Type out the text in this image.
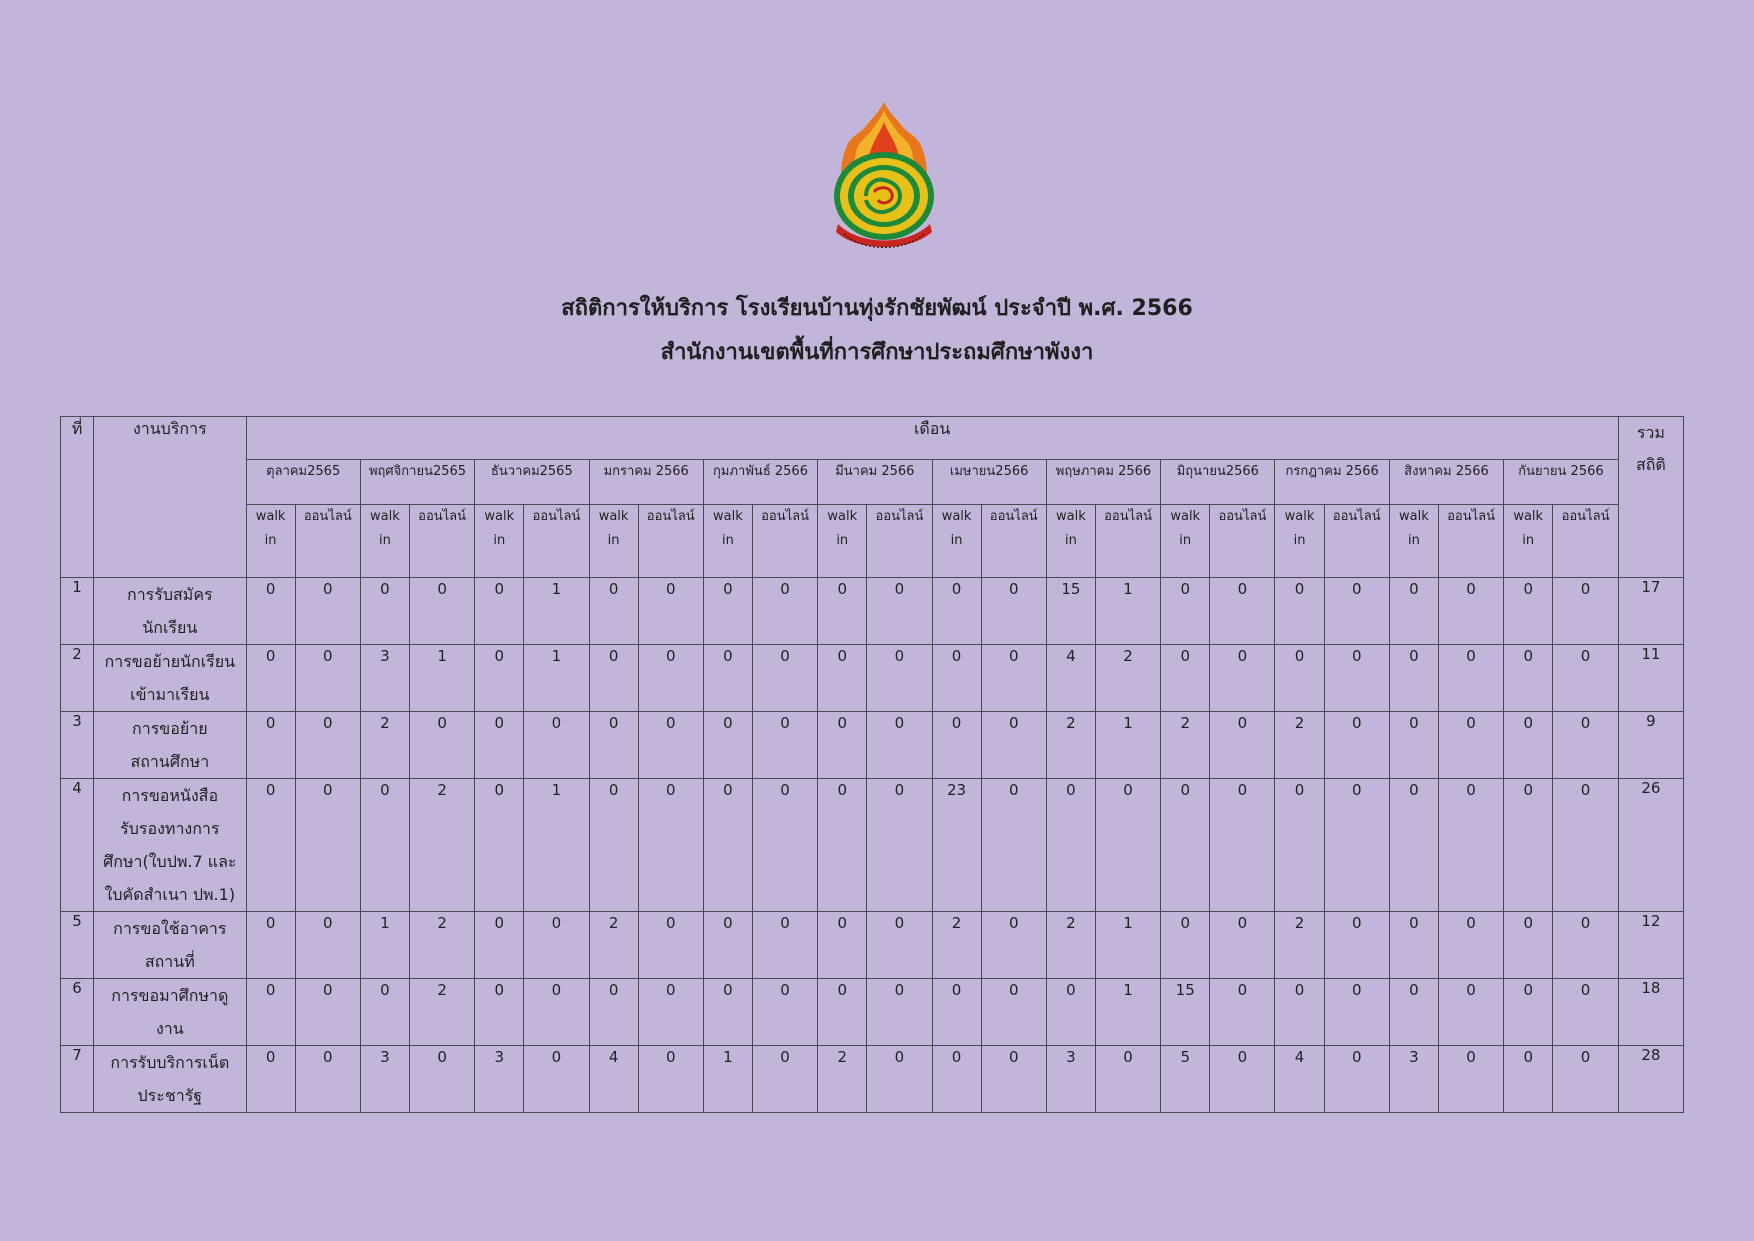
สถิติการให้บริการ โรงเรียนบ้านทุ่งรักชัยพัฒน์ ประจำปี พ.ศ. 2566
สำนักงานเขตพื้นที่การศึกษาประถมศึกษาพังงา
ที่	งานบริการ	เดือน																								รวม
สถิติ
		ตุลาคม2565		พฤศจิกายน2565		ธันวาคม2565		มกราคม 2566		กุมภาพันธ์ 2566		มีนาคม 2566		เมษายน2566		พฤษภาคม 2566		มิถุนายน2566		กรกฎาคม 2566		สิงหาคม 2566		กันยายน 2566		
		walk
in	ออนไลน์	walk
in	ออนไลน์	walk
in	ออนไลน์	walk
in	ออนไลน์	walk
in	ออนไลน์	walk
in	ออนไลน์	walk
in	ออนไลน์	walk
in	ออนไลน์	walk
in	ออนไลน์	walk
in	ออนไลน์	walk
in	ออนไลน์	walk
in	ออนไลน์	
1	การรับสมัคร
นักเรียน	0	0	0	0	0	1	0	0	0	0	0	0	0	0	15	1	0	0	0	0	0	0	0	0	17
2	การขอย้ายนักเรียน
เข้ามาเรียน	0	0	3	1	0	1	0	0	0	0	0	0	0	0	4	2	0	0	0	0	0	0	0	0	11
3	การขอย้าย
สถานศึกษา	0	0	2	0	0	0	0	0	0	0	0	0	0	0	2	1	2	0	2	0	0	0	0	0	9
4	การขอหนังสือ
รับรองทางการ
ศึกษา(ใบปพ.7 และ
ใบคัดสำเนา ปพ.1)	0	0	0	2	0	1	0	0	0	0	0	0	23	0	0	0	0	0	0	0	0	0	0	0	26
5	การขอใช้อาคาร
สถานที่	0	0	1	2	0	0	2	0	0	0	0	0	2	0	2	1	0	0	2	0	0	0	0	0	12
6	การขอมาศึกษาดู
งาน	0	0	0	2	0	0	0	0	0	0	0	0	0	0	0	1	15	0	0	0	0	0	0	0	18
7	การรับบริการเน็ต
ประชารัฐ	0	0	3	0	3	0	4	0	1	0	2	0	0	0	3	0	5	0	4	0	3	0	0	0	28
